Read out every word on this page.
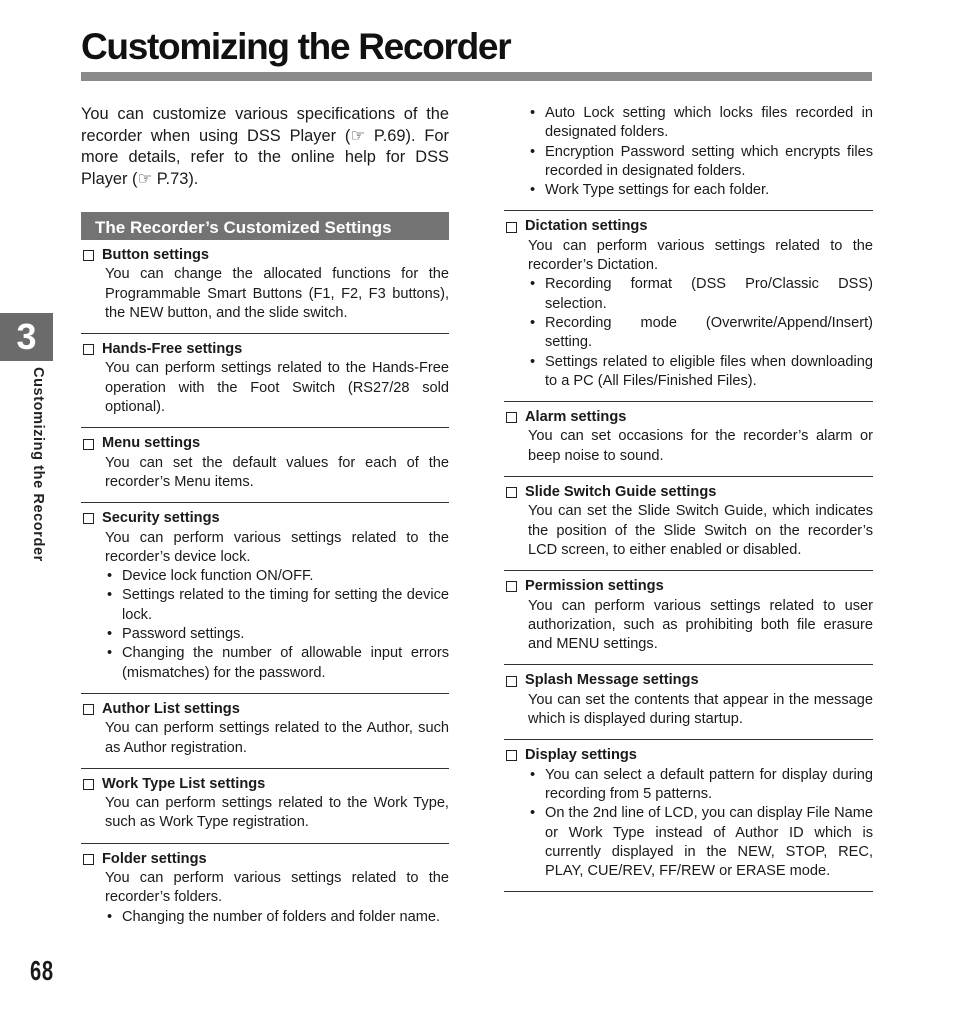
Customizing the Recorder
3
Customizing the Recorder
68

You can customize various specifications of the recorder when using DSS Player (☞ P.69). For more details, refer to the online help for DSS Player (☞ P.73).

The Recorder’s Customized Settings
Button settings

You can change the allocated functions for the Programmable Smart Buttons (F1, F2, F3 buttons), the NEW button, and the slide switch.

Hands-Free settings

You can perform settings related to the Hands-Free operation with the Foot Switch (RS27/28 sold optional).

Menu settings

You can set the default values for each of the recorder’s Menu items.

Security settings

You can perform various settings related to the recorder’s device lock.

• Device lock function ON/OFF.
• Settings related to the timing for setting the device lock.
• Password settings.
• Changing the number of allowable input errors (mismatches) for the password.
Author List settings

You can perform settings related to the Author, such as Author registration.

Work Type List settings

You can perform settings related to the Work Type, such as Work Type registration.

Folder settings

You can perform various settings related to the recorder’s folders.

• Changing the number of folders and folder name.
• Auto Lock setting which locks files recorded in designated folders.
• Encryption Password setting which encrypts files recorded in designated folders.
• Work Type settings for each folder.
Dictation settings

You can perform various settings related to the recorder’s Dictation.

• Recording format (DSS Pro/Classic DSS) selection.
• Recording mode (Overwrite/Append/Insert) setting.
• Settings related to eligible files when downloading to a PC (All Files/Finished Files).
Alarm settings

You can set occasions for the recorder’s alarm or beep noise to sound.

Slide Switch Guide settings

You can set the Slide Switch Guide, which indicates the position of the Slide Switch on the recorder’s LCD screen, to either enabled or disabled.

Permission settings

You can perform various settings related to user authorization, such as prohibiting both file erasure and MENU settings.

Splash Message settings

You can set the contents that appear in the message which is displayed during startup.

Display settings
• You can select a default pattern for display during recording from 5 patterns.
• On the 2nd line of LCD, you can display File Name or Work Type instead of Author ID which is currently displayed in the NEW, STOP, REC, PLAY, CUE/REV, FF/REW or ERASE mode.
